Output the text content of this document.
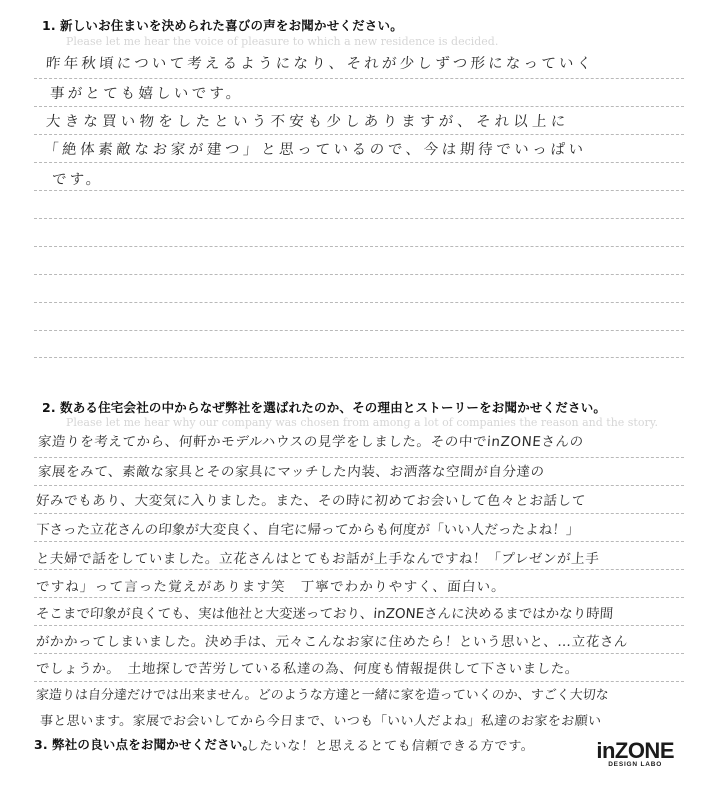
1. 新しいお住まいを決められた喜びの声をお聞かせください。
Please let me hear the voice of pleasure to which a new residence is decided.
昨年秋頃について考えるようになり、それが少しずつ形になっていく
事がとても嬉しいです。
大きな買い物をしたという不安も少しありますが、それ以上に
「絶体素敵なお家が建つ」と思っているので、今は期待でいっぱい
です。
2. 数ある住宅会社の中からなぜ弊社を選ばれたのか、その理由とストーリーをお聞かせください。
Please let me hear why our company was chosen from among a lot of companies the reason and the story.
家造りを考えてから、何軒かモデルハウスの見学をしました。その中でinZONEさんの
家展をみて、素敵な家具とその家具にマッチした内装、お洒落な空間が自分達の
好みでもあり、大変気に入りました。また、その時に初めてお会いして色々とお話して
下さった立花さんの印象が大変良く、自宅に帰ってからも何度が「いい人だったよね！」
と夫婦で話をしていました。立花さんはとてもお話が上手なんですね！「プレゼンが上手
ですね」って言った覚えがあります笑　丁寧でわかりやすく、面白い。
そこまで印象が良くても、実は他社と大変迷っており、inZONEさんに決めるまではかなり時間
がかかってしまいました。決め手は、元々こんなお家に住めたら！という思いと、…立花さん
でしょうか。　土地探しで苦労している私達の為、何度も情報提供して下さいました。
家造りは自分達だけでは出来ません。どのような方達と一緒に家を造っていくのか、すごく大切な
事と思います。家展でお会いしてから今日まで、いつも「いい人だよね」私達のお家をお願い
したいな！と思えるとても信頼できる方です。
3. 弊社の良い点をお聞かせください。	inZONE
DESIGN LABO
